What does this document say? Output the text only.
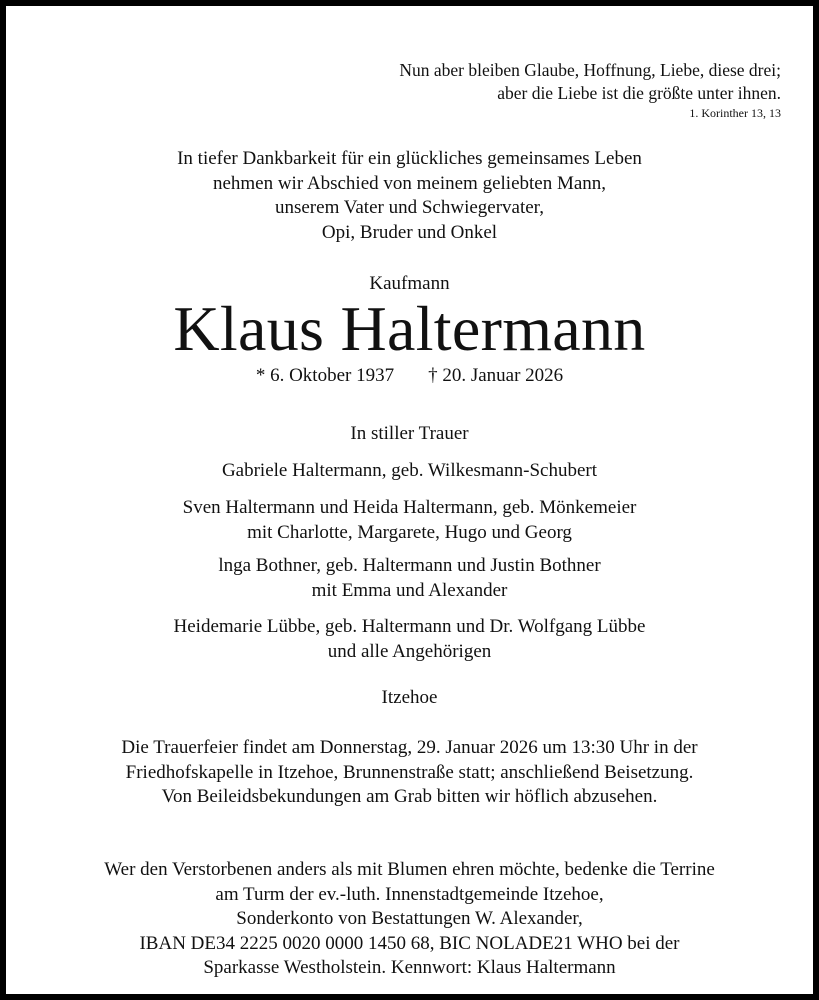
Nun aber bleiben Glaube, Hoffnung, Liebe, diese drei;
aber die Liebe ist die größte unter ihnen.
1. Korinther 13, 13
In tiefer Dankbarkeit für ein glückliches gemeinsames Leben
nehmen wir Abschied von meinem geliebten Mann,
unserem Vater und Schwiegervater,
Opi, Bruder und Onkel
Kaufmann
Klaus Haltermann
* 6. Oktober 1937 † 20. Januar 2026
In stiller Trauer
Gabriele Haltermann, geb. Wilkesmann-Schubert
Sven Haltermann und Heida Haltermann, geb. Mönkemeier
mit Charlotte, Margarete, Hugo und Georg
lnga Bothner, geb. Haltermann und Justin Bothner
mit Emma und Alexander
Heidemarie Lübbe, geb. Haltermann und Dr. Wolfgang Lübbe
und alle Angehörigen
Itzehoe
Die Trauerfeier findet am Donnerstag, 29. Januar 2026 um 13:30 Uhr in der
Friedhofskapelle in Itzehoe, Brunnenstraße statt; anschließend Beisetzung.
Von Beileidsbekundungen am Grab bitten wir höflich abzusehen.
Wer den Verstorbenen anders als mit Blumen ehren möchte, bedenke die Terrine
am Turm der ev.-luth. Innenstadtgemeinde Itzehoe,
Sonderkonto von Bestattungen W. Alexander,
IBAN DE34 2225 0020 0000 1450 68, BIC NOLADE21 WHO bei der
Sparkasse Westholstein. Kennwort: Klaus Haltermann
